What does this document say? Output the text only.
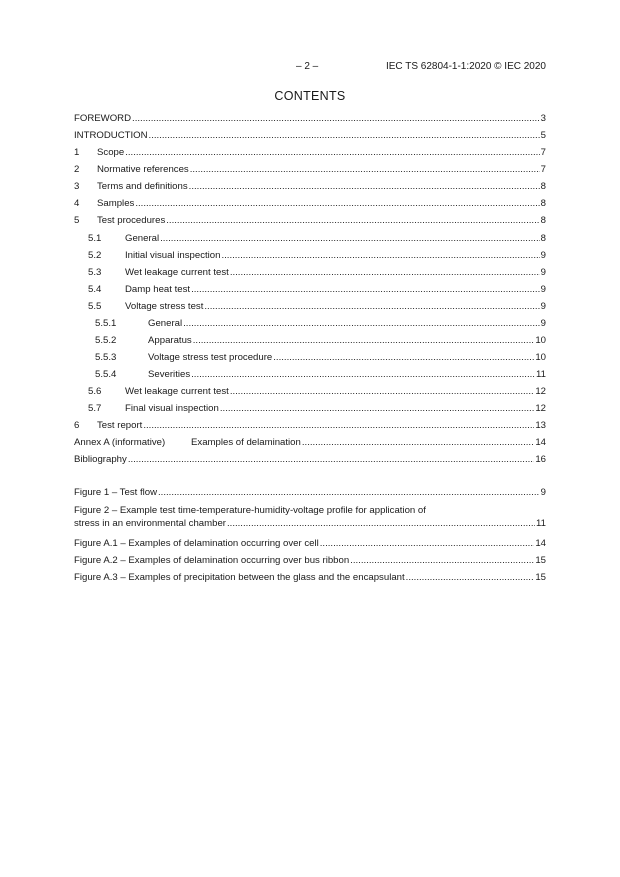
– 2 –	IEC TS 62804-1-1:2020 © IEC 2020
CONTENTS
FOREWORD .....	3
INTRODUCTION .....	5
1	Scope .....	7
2	Normative references .....	7
3	Terms and definitions .....	8
4	Samples .....	8
5	Test procedures .....	8
5.1	General .....	8
5.2	Initial visual inspection .....	9
5.3	Wet leakage current test .....	9
5.4	Damp heat test .....	9
5.5	Voltage stress test .....	9
5.5.1	General .....	9
5.5.2	Apparatus .....	10
5.5.3	Voltage stress test procedure .....	10
5.5.4	Severities .....	11
5.6	Wet leakage current test .....	12
5.7	Final visual inspection .....	12
6	Test report .....	13
Annex A (informative)	Examples of delamination .....	14
Bibliography .....	16
Figure 1 – Test flow .....	9
Figure 2 – Example test time-temperature-humidity-voltage profile for application of
stress in an environmental chamber .....	11
Figure A.1 – Examples of delamination occurring over cell .....	14
Figure A.2 – Examples of delamination occurring over bus ribbon .....	15
Figure A.3 – Examples of precipitation between the glass and the encapsulant .....	15
